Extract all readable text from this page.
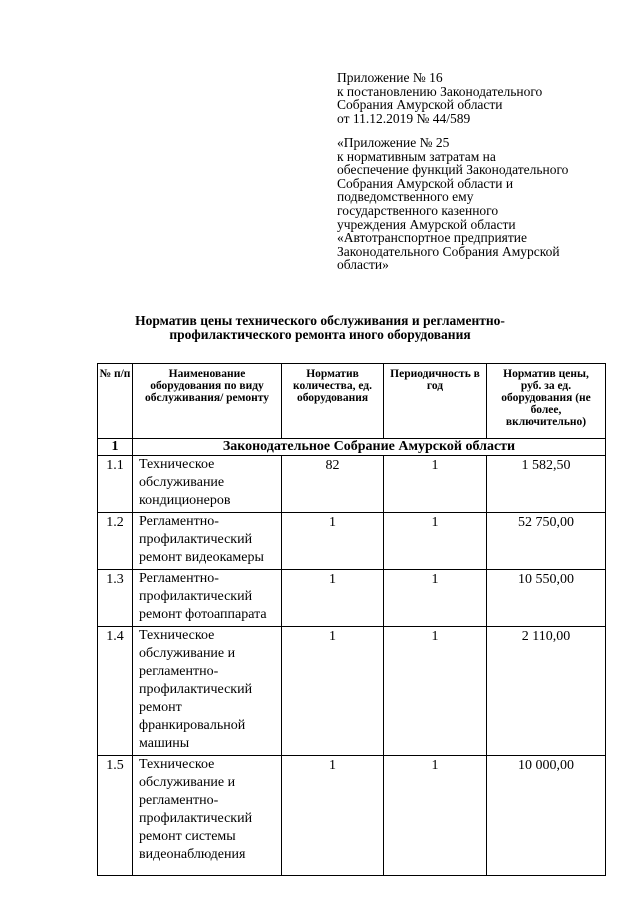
Приложение № 16
к постановлению Законодательного
Собрания Амурской области
от 11.12.2019 № 44/589
«Приложение № 25
к нормативным затратам на
обеспечение функций Законодательного
Собрания Амурской области и
подведомственного ему
государственного казенного
учреждения Амурской области
«Автотранспортное предприятие
Законодательного Собрания Амурской
области»
Норматив цены технического обслуживания и регламентно-
профилактического ремонта иного оборудования
№ п/п	Наименование оборудования по виду обслуживания/ ремонту	Норматив количества, ед. оборудования	Периодичность в год	Норматив цены, руб. за ед. оборудования (не более, включительно)
1	Законодательное Собрание Амурской области			
1.1	Техническое обслуживание кондиционеров	82	1	1 582,50
1.2	Регламентно-профилактический ремонт видеокамеры	1	1	52 750,00
1.3	Регламентно-профилактический ремонт фотоаппарата	1	1	10 550,00
1.4	Техническое обслуживание и регламентно-профилактический ремонт франкировальной машины	1	1	2 110,00
1.5	Техническое обслуживание и регламентно-профилактический ремонт системы видеонаблюдения	1	1	10 000,00
